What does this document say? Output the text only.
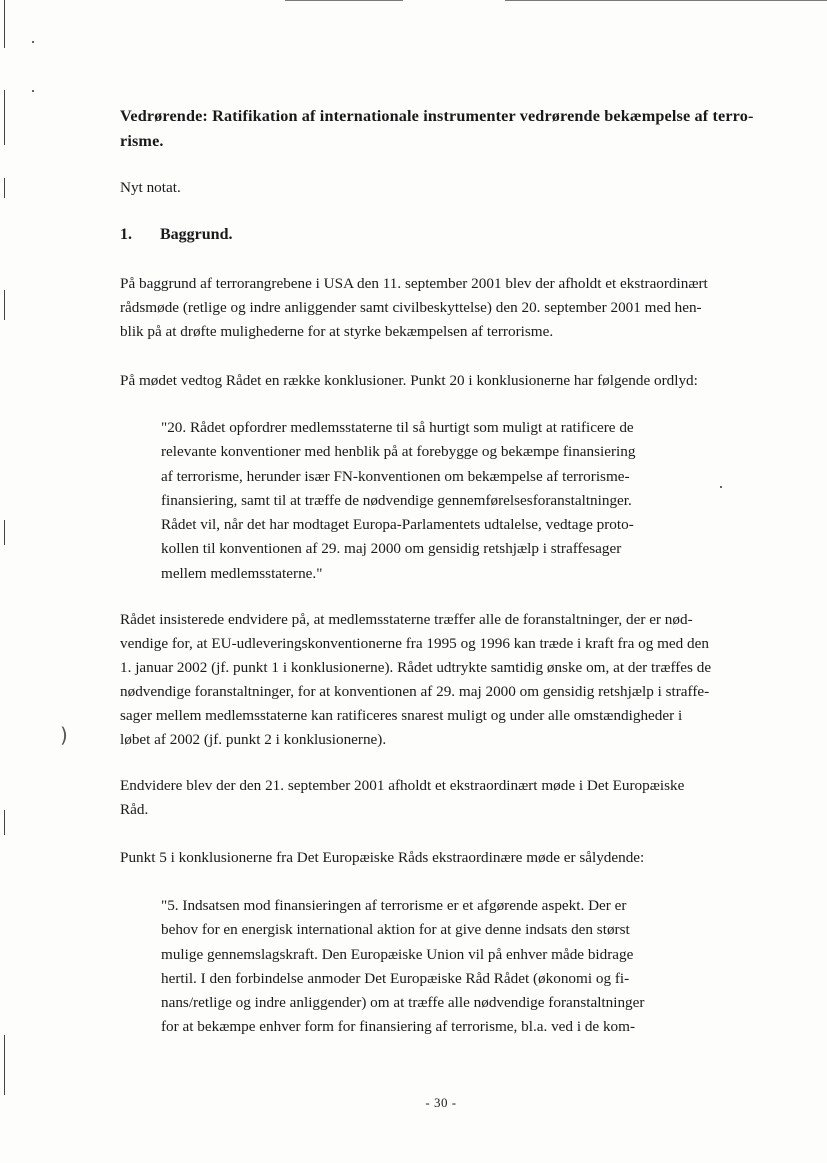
)
Vedrørende: Ratifikation af internationale instrumenter vedrørende bekæmpelse af terro-
risme.
Nyt notat.
1. Baggrund.
På baggrund af terrorangrebene i USA den 11. september 2001 blev der afholdt et ekstraordinært
rådsmøde (retlige og indre anliggender samt civilbeskyttelse) den 20. september 2001 med hen-
blik på at drøfte mulighederne for at styrke bekæmpelsen af terrorisme.
På mødet vedtog Rådet en række konklusioner. Punkt 20 i konklusionerne har følgende ordlyd:
"20. Rådet opfordrer medlemsstaterne til så hurtigt som muligt at ratificere de
relevante konventioner med henblik på at forebygge og bekæmpe finansiering
af terrorisme, herunder især FN-konventionen om bekæmpelse af terrorisme-
finansiering, samt til at træffe de nødvendige gennemførelsesforanstaltninger.
Rådet vil, når det har modtaget Europa-Parlamentets udtalelse, vedtage proto-
kollen til konventionen af 29. maj 2000 om gensidig retshjælp i straffesager
mellem medlemsstaterne."
Rådet insisterede endvidere på, at medlemsstaterne træffer alle de foranstaltninger, der er nød-
vendige for, at EU-udleveringskonventionerne fra 1995 og 1996 kan træde i kraft fra og med den
1. januar 2002 (jf. punkt 1 i konklusionerne). Rådet udtrykte samtidig ønske om, at der træffes de
nødvendige foranstaltninger, for at konventionen af 29. maj 2000 om gensidig retshjælp i straffe-
sager mellem medlemsstaterne kan ratificeres snarest muligt og under alle omstændigheder i
løbet af 2002 (jf. punkt 2 i konklusionerne).
Endvidere blev der den 21. september 2001 afholdt et ekstraordinært møde i Det Europæiske
Råd.
Punkt 5 i konklusionerne fra Det Europæiske Råds ekstraordinære møde er sålydende:
"5. Indsatsen mod finansieringen af terrorisme er et afgørende aspekt. Der er
behov for en energisk international aktion for at give denne indsats den størst
mulige gennemslagskraft. Den Europæiske Union vil på enhver måde bidrage
hertil. I den forbindelse anmoder Det Europæiske Råd Rådet (økonomi og fi-
nans/retlige og indre anliggender) om at træffe alle nødvendige foranstaltninger
for at bekæmpe enhver form for finansiering af terrorisme, bl.a. ved i de kom-
- 30 -
